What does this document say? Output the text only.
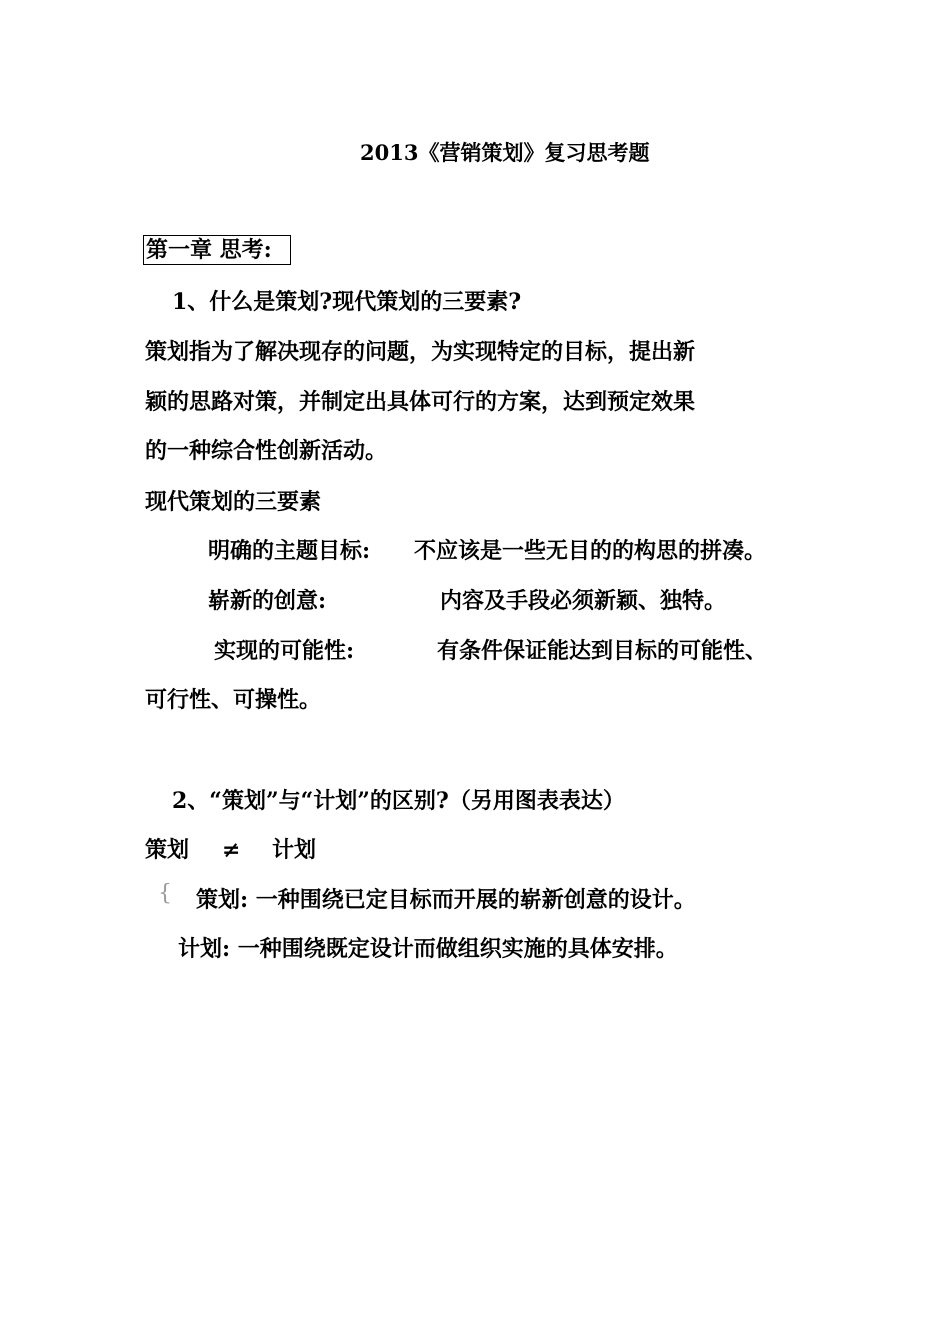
2013《营销策划》复习思考题
第一章 思考:
1、什么是策划?现代策划的三要素?
策划指为了解决现存的问题，为实现特定的目标，提出新
颖的思路对策，并制定出具体可行的方案，达到预定效果
的一种综合性创新活动。
现代策划的三要素
明确的主题目标: 不应该是一些无目的的构思的拼凑。
崭新的创意:	内容及手段必须新颖、独特。
实现的可能性:	有条件保证能达到目标的可能性、
可行性、可操性。
2、“策划”与“计划”的区别?（另用图表表达）
策划 ≠ 计划
{ 策划: 一种围绕已定目标而开展的崭新创意的设计。
计划: 一种围绕既定设计而做组织实施的具体安排。
